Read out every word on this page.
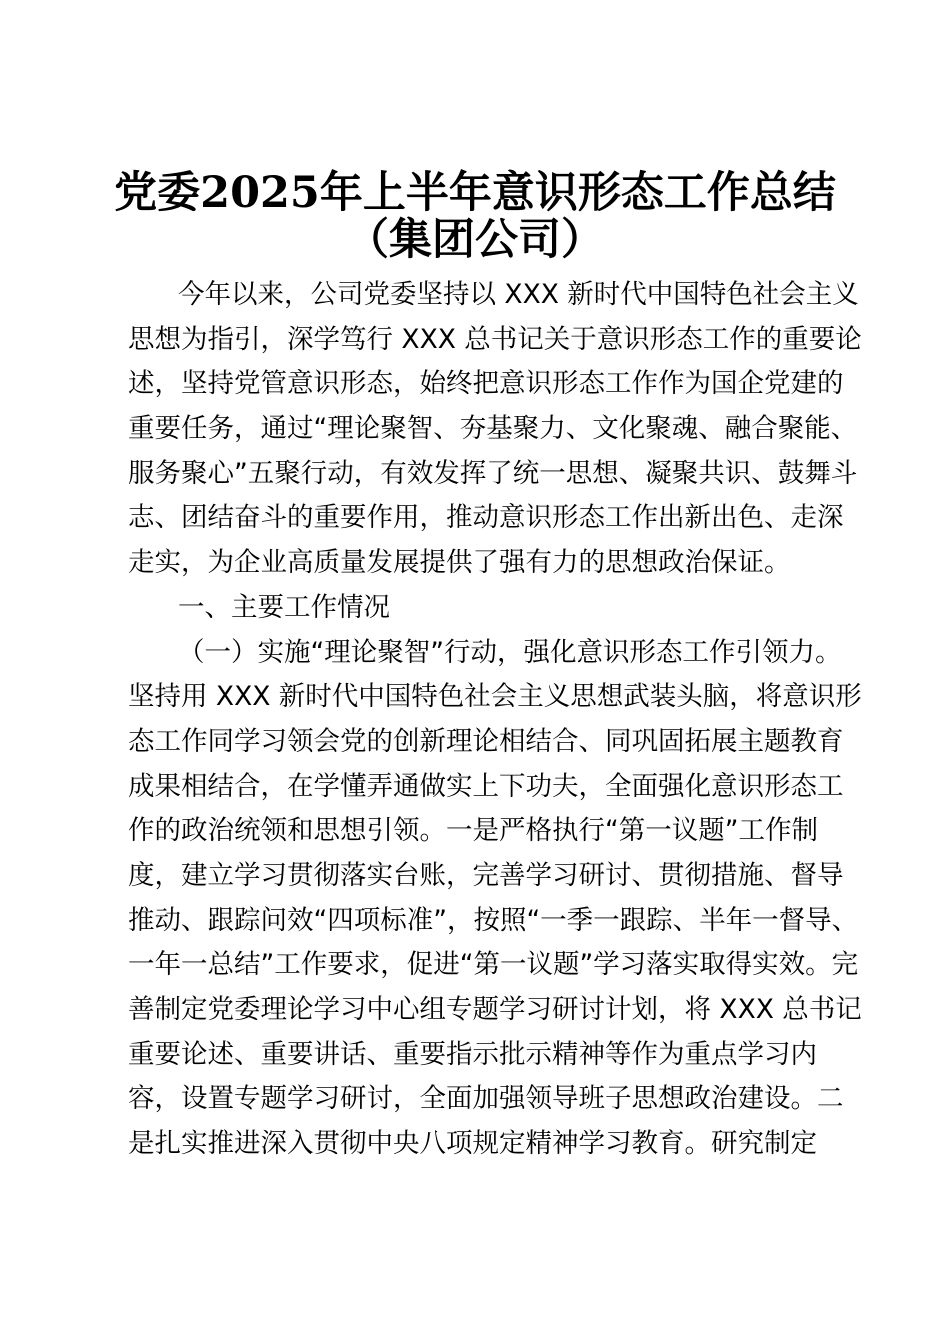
党委2025年上半年意识形态工作总结
（集团公司）
今年以来，公司党委坚持以 XXX 新时代中国特色社会主义
思想为指引，深学笃行 XXX 总书记关于意识形态工作的重要论
述，坚持党管意识形态，始终把意识形态工作作为国企党建的
重要任务，通过“理论聚智、夯基聚力、文化聚魂、融合聚能、
服务聚心”五聚行动，有效发挥了统一思想、凝聚共识、鼓舞斗
志、团结奋斗的重要作用，推动意识形态工作出新出色、走深
走实，为企业高质量发展提供了强有力的思想政治保证。
一、主要工作情况
（一）实施“理论聚智”行动，强化意识形态工作引领力。
坚持用 XXX 新时代中国特色社会主义思想武装头脑，将意识形
态工作同学习领会党的创新理论相结合、同巩固拓展主题教育
成果相结合，在学懂弄通做实上下功夫，全面强化意识形态工
作的政治统领和思想引领。一是严格执行“第一议题”工作制
度，建立学习贯彻落实台账，完善学习研讨、贯彻措施、督导
推动、跟踪问效“四项标准”，按照“一季一跟踪、半年一督导、
一年一总结”工作要求，促进“第一议题”学习落实取得实效。完
善制定党委理论学习中心组专题学习研讨计划，将 XXX 总书记
重要论述、重要讲话、重要指示批示精神等作为重点学习内
容，设置专题学习研讨，全面加强领导班子思想政治建设。二
是扎实推进深入贯彻中央八项规定精神学习教育。研究制定
